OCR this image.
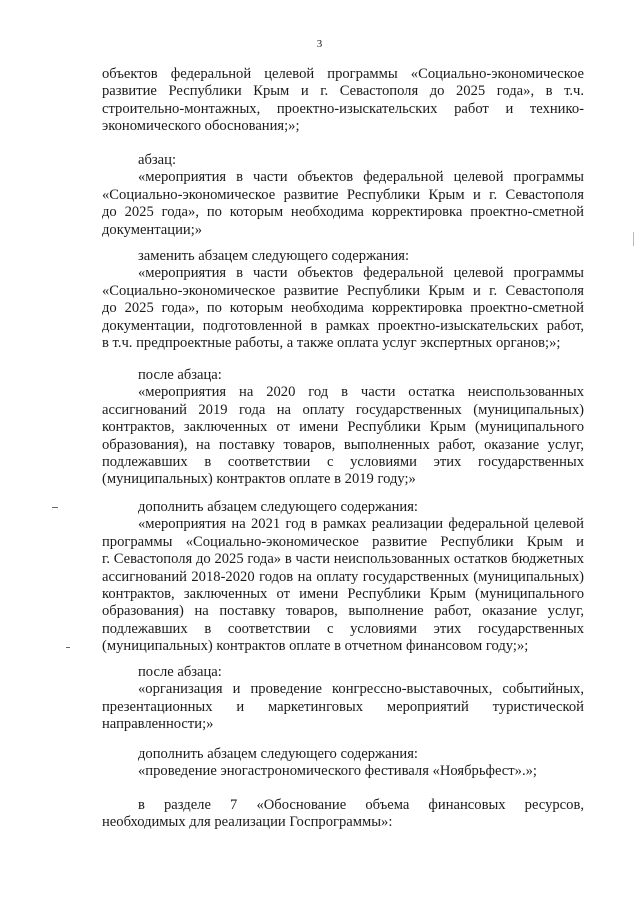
3
объектов федеральной целевой программы «Социально-экономическое
развитие Республики Крым и г. Севастополя до 2025 года», в т.ч.
строительно-монтажных, проектно-изыскательских работ и технико-
экономического обоснования;»;
абзац:
«мероприятия в части объектов федеральной целевой программы
«Социально-экономическое развитие Республики Крым и г. Севастополя
до 2025 года», по которым необходима корректировка проектно-сметной
документации;»
заменить абзацем следующего содержания:
«мероприятия в части объектов федеральной целевой программы
«Социально-экономическое развитие Республики Крым и г. Севастополя
до 2025 года», по которым необходима корректировка проектно-сметной
документации, подготовленной в рамках проектно-изыскательских работ,
в т.ч. предпроектные работы, а также оплата услуг экспертных органов;»;
после абзаца:
«мероприятия на 2020 год в части остатка неиспользованных
ассигнований 2019 года на оплату государственных (муниципальных)
контрактов, заключенных от имени Республики Крым (муниципального
образования), на поставку товаров, выполненных работ, оказание услуг,
подлежавших в соответствии с условиями этих государственных
(муниципальных) контрактов оплате в 2019 году;»
дополнить абзацем следующего содержания:
«мероприятия на 2021 год в рамках реализации федеральной целевой
программы «Социально-экономическое развитие Республики Крым и
г. Севастополя до 2025 года» в части неиспользованных остатков бюджетных
ассигнований 2018-2020 годов на оплату государственных (муниципальных)
контрактов, заключенных от имени Республики Крым (муниципального
образования) на поставку товаров, выполнение работ, оказание услуг,
подлежавших в соответствии с условиями этих государственных
(муниципальных) контрактов оплате в отчетном финансовом году;»;
после абзаца:
«организация и проведение конгрессно-выставочных, событийных,
презентационных и маркетинговых мероприятий туристической
направленности;»
дополнить абзацем следующего содержания:
«проведение эногастрономического фестиваля «Ноябрьфест».»;
в разделе 7 «Обоснование объема финансовых ресурсов,
необходимых для реализации Госпрограммы»:
